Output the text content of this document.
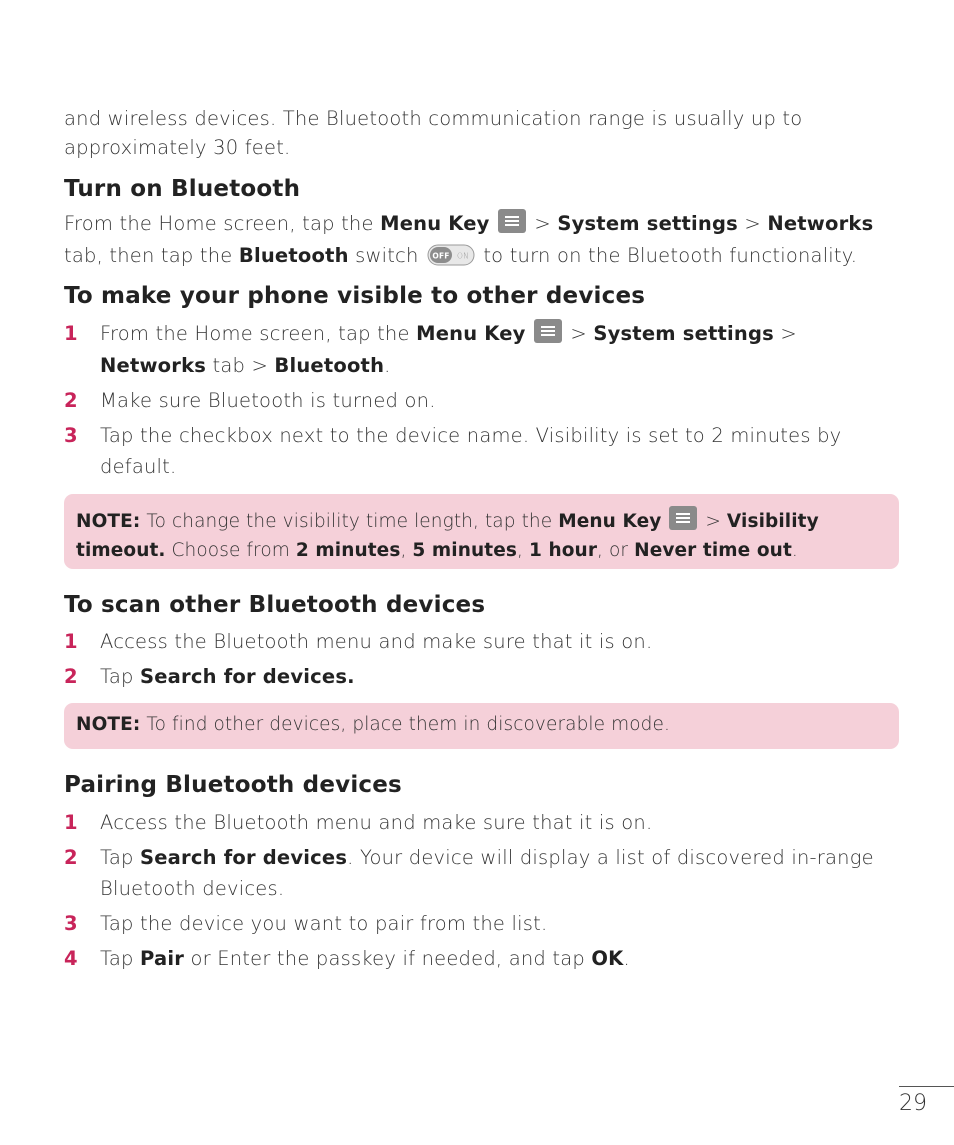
and wireless devices. The Bluetooth communication range is usually up to approximately 30 feet.

Turn on Bluetooth

From the Home screen, tap the Menu Key  > System settings > Networks tab, then tap the Bluetooth switch OFF ON to turn on the Bluetooth functionality.

To make your phone visible to other devices
1 From the Home screen, tap the Menu Key  > System settings > Networks tab > Bluetooth.
2 Make sure Bluetooth is turned on.
3 Tap the checkbox next to the device name. Visibility is set to 2 minutes by default.
NOTE: To change the visibility time length, tap the Menu Key  > Visibility timeout. Choose from 2 minutes, 5 minutes, 1 hour, or Never time out.
To scan other Bluetooth devices
1 Access the Bluetooth menu and make sure that it is on.
2 Tap Search for devices.
NOTE: To find other devices, place them in discoverable mode.
Pairing Bluetooth devices
1 Access the Bluetooth menu and make sure that it is on.
2 Tap Search for devices. Your device will display a list of discovered in-range Bluetooth devices.
3 Tap the device you want to pair from the list.
4 Tap Pair or Enter the passkey if needed, and tap OK.
29
